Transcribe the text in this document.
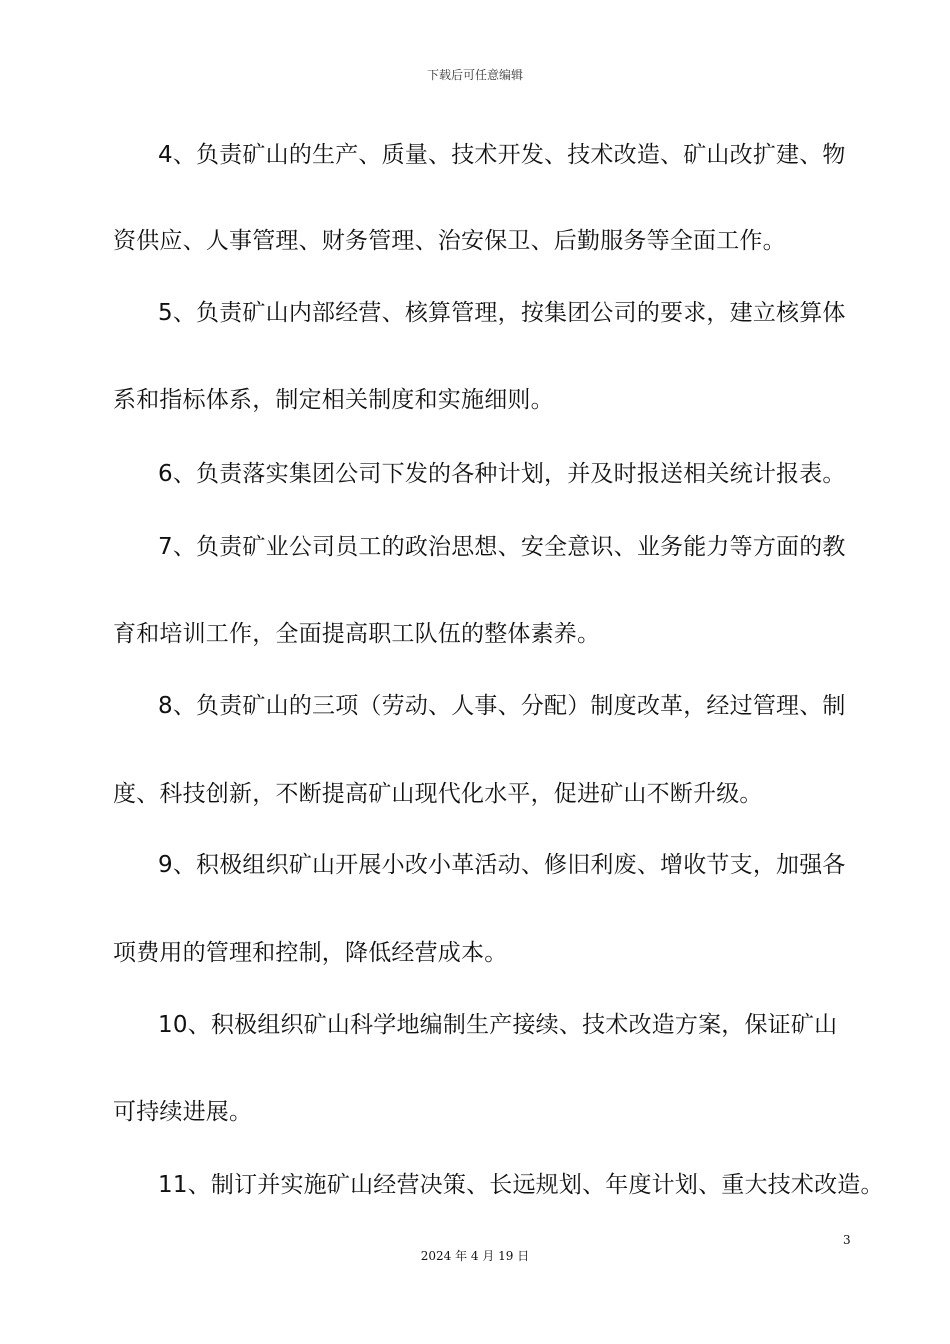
下载后可任意编辑
4、负责矿山的生产、质量、技术开发、技术改造、矿山改扩建、物
资供应、人事管理、财务管理、治安保卫、后勤服务等全面工作。
5、负责矿山内部经营、核算管理，按集团公司的要求，建立核算体
系和指标体系，制定相关制度和实施细则。
6、负责落实集团公司下发的各种计划，并及时报送相关统计报表。
7、负责矿业公司员工的政治思想、安全意识、业务能力等方面的教
育和培训工作，全面提高职工队伍的整体素养。
8、负责矿山的三项（劳动、人事、分配）制度改革，经过管理、制
度、科技创新，不断提高矿山现代化水平，促进矿山不断升级。
9、积极组织矿山开展小改小革活动、修旧利废、增收节支，加强各
项费用的管理和控制，降低经营成本。
10、积极组织矿山科学地编制生产接续、技术改造方案，保证矿山
可持续进展。
11、制订并实施矿山经营决策、长远规划、年度计划、重大技术改造。
3
2024 年 4 月 19 日
